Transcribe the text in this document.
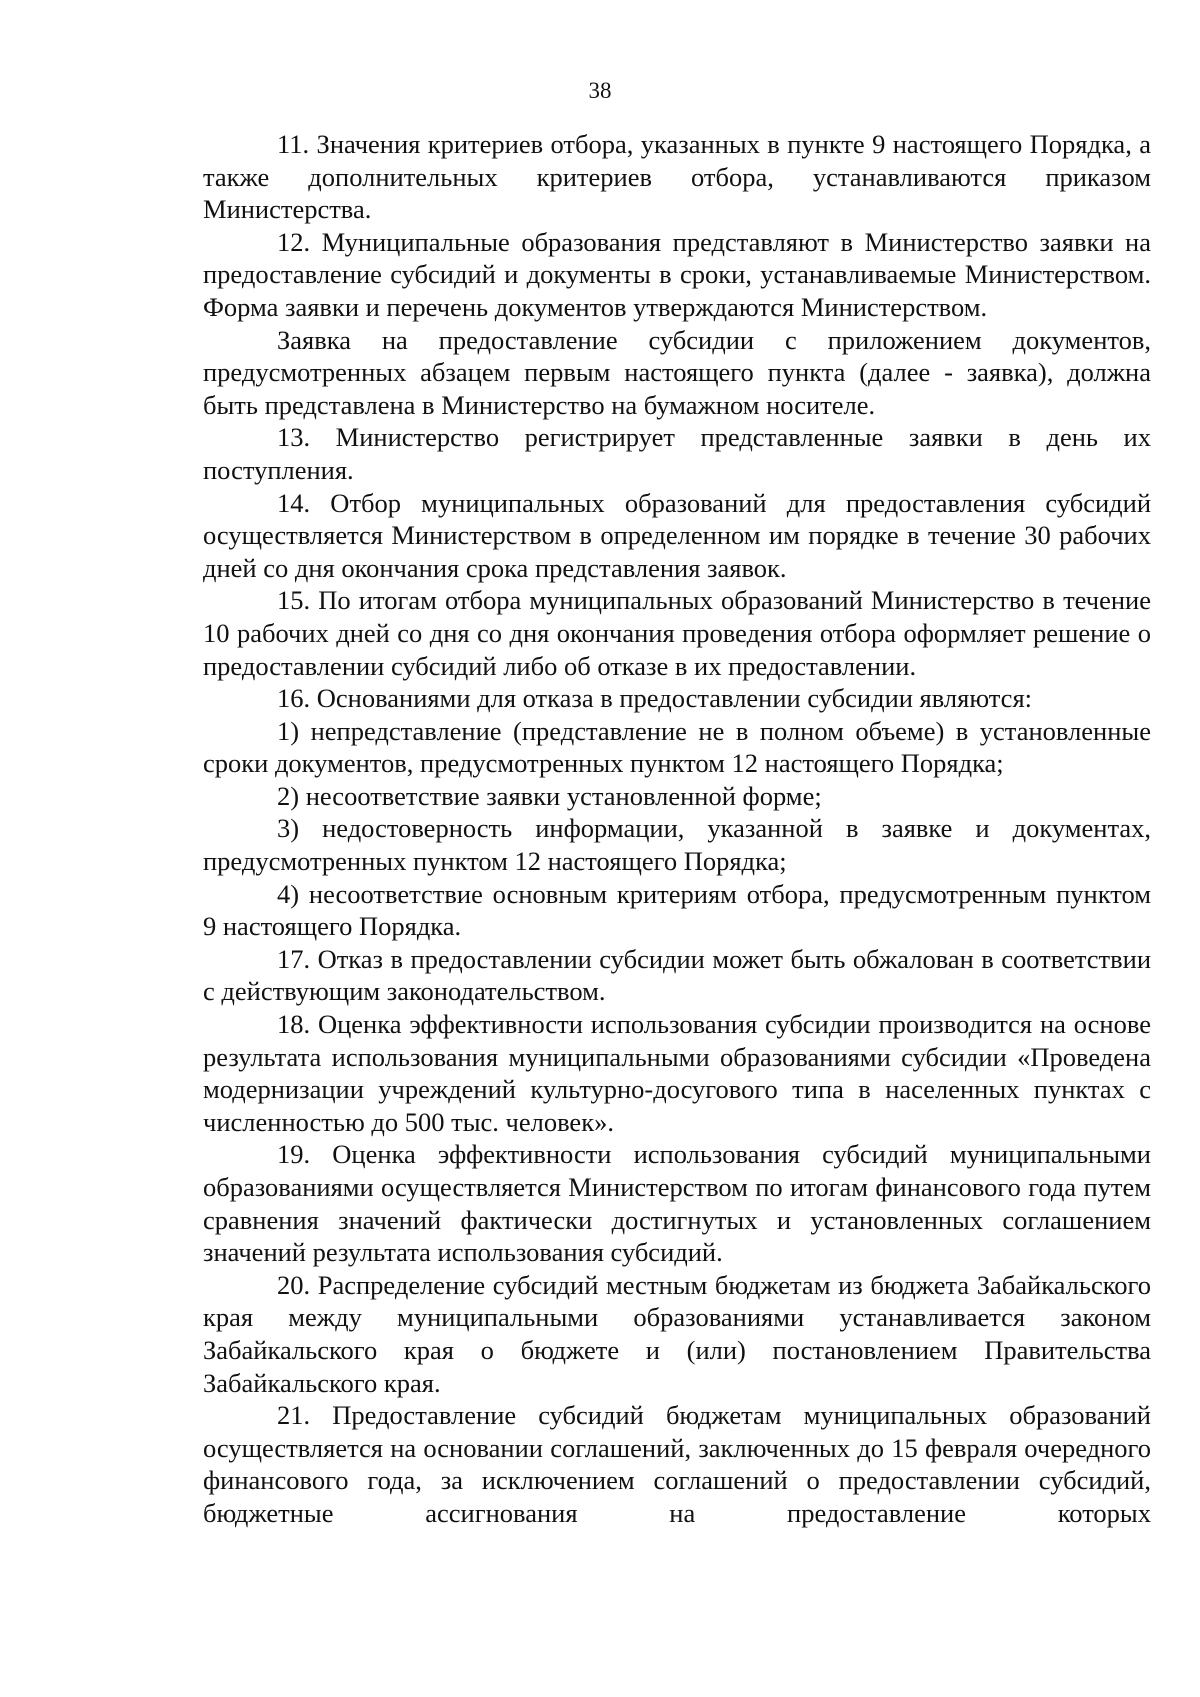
38

11. Значения критериев отбора, указанных в пункте 9 настоящего Порядка, а также дополнительных критериев отбора, устанавливаются приказом Министерства.

12. Муниципальные образования представляют в Министерство заявки на предоставление субсидий и документы в сроки, устанавливаемые Министерством. Форма заявки и перечень документов утверждаются Министерством.

Заявка на предоставление субсидии с приложением документов, предусмотренных абзацем первым настоящего пункта (далее - заявка), должна быть представлена в Министерство на бумажном носителе.

13. Министерство регистрирует представленные заявки в день их поступления.

14. Отбор муниципальных образований для предоставления субсидий осуществляется Министерством в определенном им порядке в течение 30 рабочих дней со дня окончания срока представления заявок.

15. По итогам отбора муниципальных образований Министерство в течение 10 рабочих дней со дня со дня окончания проведения отбора оформляет решение о предоставлении субсидий либо об отказе в их предоставлении.

16. Основаниями для отказа в предоставлении субсидии являются:

1) непредставление (представление не в полном объеме) в установленные сроки документов, предусмотренных пунктом 12 настоящего Порядка;

2) несоответствие заявки установленной форме;

3) недостоверность информации, указанной в заявке и документах, предусмотренных пунктом 12 настоящего Порядка;

4) несоответствие основным критериям отбора, предусмотренным пунктом 9 настоящего Порядка.

17. Отказ в предоставлении субсидии может быть обжалован в соответствии с действующим законодательством.

18. Оценка эффективности использования субсидии производится на основе результата использования муниципальными образованиями субсидии «Проведена модернизации учреждений культурно-досугового типа в населенных пунктах с численностью до 500 тыс. человек».

19. Оценка эффективности использования субсидий муниципальными образованиями осуществляется Министерством по итогам финансового года путем сравнения значений фактически достигнутых и установленных соглашением значений результата использования субсидий.

20. Распределение субсидий местным бюджетам из бюджета Забайкальского края между муниципальными образованиями устанавливается законом Забайкальского края о бюджете и (или) постановлением Правительства Забайкальского края.

21. Предоставление субсидий бюджетам муниципальных образований осуществляется на основании соглашений, заключенных до 15 февраля очередного финансового года, за исключением соглашений о предоставлении субсидий, бюджетные ассигнования на предоставление которых
